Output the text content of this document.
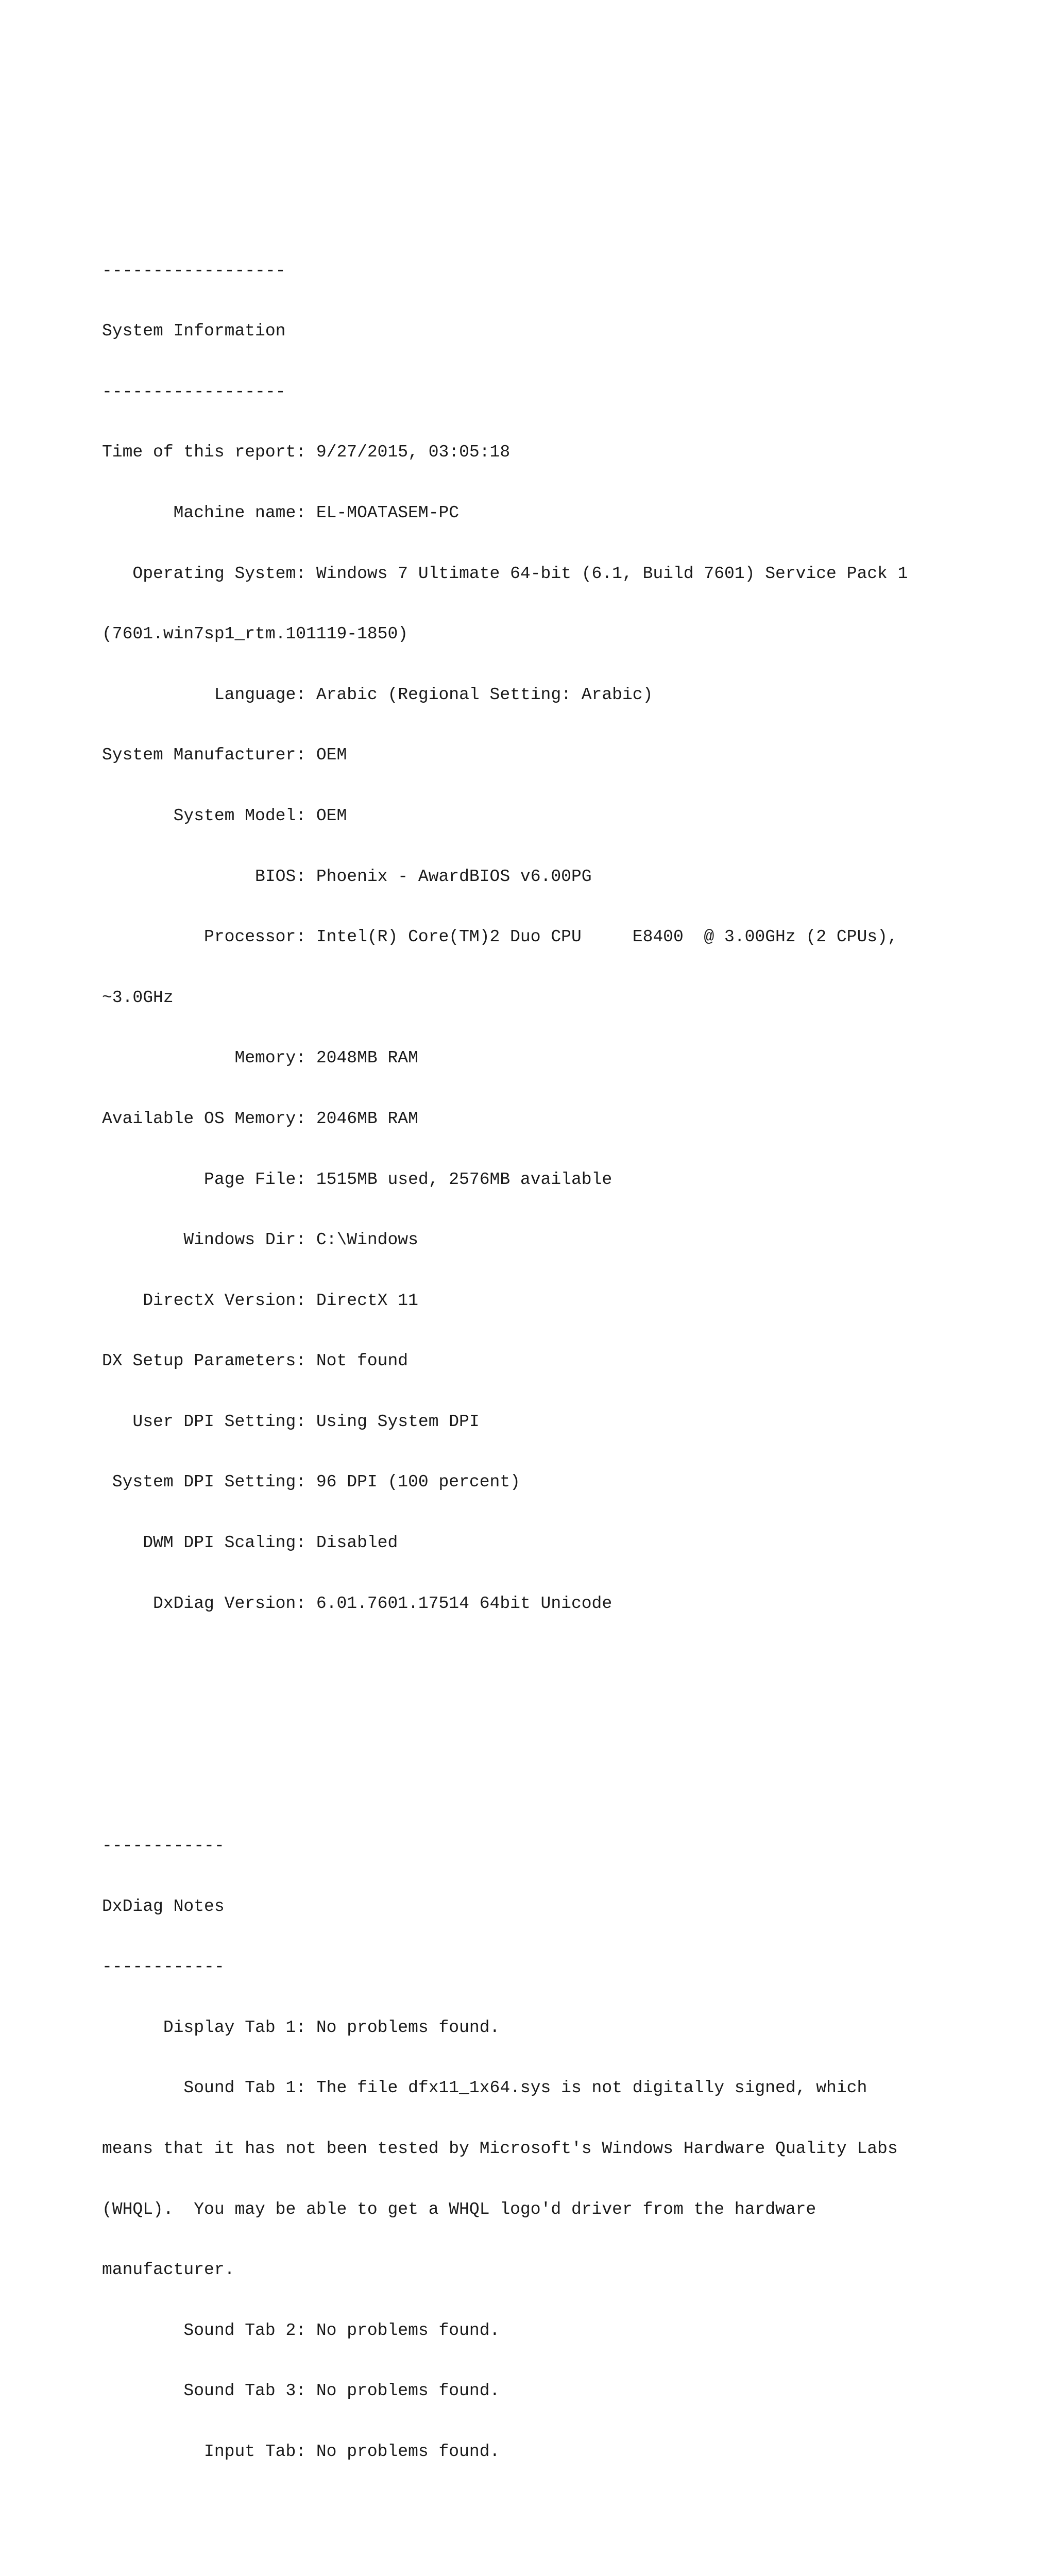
------------------

System Information

------------------

Time of this report: 9/27/2015, 03:05:18

Machine name: EL-MOATASEM-PC

Operating System: Windows 7 Ultimate 64-bit (6.1, Build 7601) Service Pack 1

(7601.win7sp1_rtm.101119-1850)

Language: Arabic (Regional Setting: Arabic)

System Manufacturer: OEM

System Model: OEM

BIOS: Phoenix - AwardBIOS v6.00PG

Processor: Intel(R) Core(TM)2 Duo CPU     E8400  @ 3.00GHz (2 CPUs),

~3.0GHz

Memory: 2048MB RAM

Available OS Memory: 2046MB RAM

Page File: 1515MB used, 2576MB available

Windows Dir: C:\Windows

DirectX Version: DirectX 11

DX Setup Parameters: Not found

User DPI Setting: Using System DPI

System DPI Setting: 96 DPI (100 percent)

DWM DPI Scaling: Disabled

DxDiag Version: 6.01.7601.17514 64bit Unicode

------------

DxDiag Notes

------------

Display Tab 1: No problems found.

Sound Tab 1: The file dfx11_1x64.sys is not digitally signed, which

means that it has not been tested by Microsoft's Windows Hardware Quality Labs

(WHQL).  You may be able to get a WHQL logo'd driver from the hardware

manufacturer.

Sound Tab 2: No problems found.

Sound Tab 3: No problems found.

Input Tab: No problems found.
